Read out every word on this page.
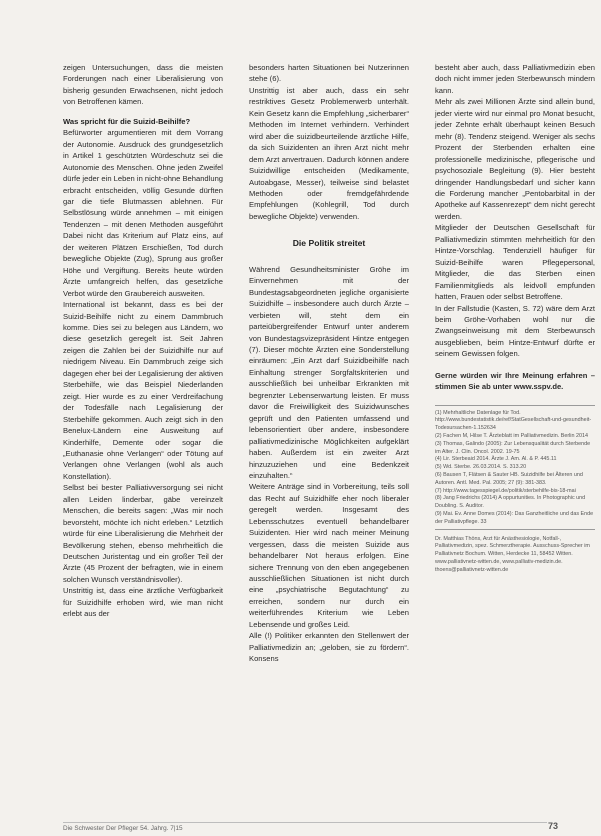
zeigen Untersuchungen, dass die meisten Forderungen nach einer Liberalisierung von bisherig gesunden Erwachsenen, nicht jedoch von Betroffenen kämen.

Was spricht für die Suizid-Beihilfe?

Befürworter argumentieren mit dem Vorrang der Autonomie. Ausdruck des grundgesetzlich in Artikel 1 geschützten Würdeschutz sei die Autonomie des Menschen. Ohne jeden Zweifel dürfe jeder ein Leben in nicht-ohne Behandlung erbracht entscheiden, völlig Gesunde dürften gar die tiefe Blutmassen ablehnen. Für Selbstlösung würde annehmen – mit einigen Tendenzen – mit denen Methoden ausgeführt Dabei nicht das Kriterium auf Platz eins, auf der weiteren Plätzen Erschießen, Tod durch bewegliche Objekte (Zug), Sprung aus großer Höhe und Vergiftung. Bereits heute würden Ärzte umfangreich helfen, das gesetzliche Verbot würde den Graubereich ausweiten.

International ist bekannt, dass es bei der Suizid-Beihilfe nicht zu einem Dammbruch komme. Dies sei zu belegen aus Ländern, wo diese gesetzlich geregelt ist. Seit Jahren zeigen die Zahlen bei der Suizidhilfe nur auf niedrigem Niveau. Ein Dammbruch zeige sich dagegen eher bei der Legalisierung der aktiven Sterbehilfe, wie das Beispiel Niederlanden zeigt. Hier wurde es zu einer Verdreifachung der Todesfälle nach Legalisierung der Sterbehilfe gekommen. Auch zeigt sich in den Benelux-Ländern eine Ausweitung auf Kinderhilfe, Demente oder sogar die „Euthanasie ohne Verlangen“ oder Tötung auf Verlangen ohne Verlangen (wohl als auch Konstellation).

Selbst bei bester Palliativversorgung sei nicht allen Leiden linderbar, gäbe vereinzelt Menschen, die bereits sagen: „Was mir noch bevorsteht, möchte ich nicht erleben.“ Letztlich würde für eine Liberalisierung die Mehrheit der Bevölkerung stehen, ebenso mehrheitlich die Deutschen Juristentag und ein großer Teil der Ärzte (45 Prozent der befragten, wie in einem solchen Wunsch verständnisvoller).

Unstrittig ist, dass eine ärztliche Verfügbarkeit für Suizidhilfe erhoben wird, wie man nicht erlebt aus der

besonders harten Situationen bei Nutzerinnen stehe (6).

Unstrittig ist aber auch, dass ein sehr restriktives Gesetz Problemerwerb unterhält. Kein Gesetz kann die Empfehlung „sicherbarer“ Methoden im Internet verhindern. Verhindert wird aber die suizidbeurteilende ärztliche Hilfe, da sich Suizidenten an ihren Arzt nicht mehr dem Arzt anvertrauen. Dadurch können andere Suizidwillige entscheiden (Medikamente, Autoabgase, Messer), teilweise sind belastet Methoden oder fremdgefährdende Empfehlungen (Kohlegrill, Tod durch bewegliche Objekte) verwenden.

Die Politik streitet

Während Gesundheitsminister Gröhe im Einvernehmen mit der Bundestagsabgeordneten jegliche organisierte Suizidhilfe – insbesondere auch durch Ärzte – verbieten will, steht dem ein parteiübergreifender Entwurf unter anderem von Bundestagsvizepräsident Hintze entgegen (7). Dieser möchte Ärzten eine Sonderstellung einräumen: „Ein Arzt darf Suizidbeihilfe nach Einhaltung strenger Sorgfaltskriterien und ausschließlich bei unheilbar Erkrankten mit begrenzter Lebenserwartung leisten. Er muss davor die Freiwilligkeit des Suizidwunsches geprüft und den Patienten umfassend und lebensorientiert über andere, insbesondere palliativmedizinische Möglichkeiten aufgeklärt haben. Außerdem ist ein zweiter Arzt hinzuzuziehen und eine Bedenkzeit einzuhalten.“

Weitere Anträge sind in Vorbereitung, teils soll das Recht auf Suizidhilfe eher noch liberaler geregelt werden. Insgesamt des Lebensschutzes eventuell behandelbarer Suizidenten. Hier wird nach meiner Meinung vergessen, dass die meisten Suizide aus behandelbarer Not heraus erfolgen. Eine sichere Trennung von den eben angegebenen ausschließlichen Situationen ist nicht durch eine „psychiatrische Begutachtung“ zu erreichen, sondern nur durch ein weiterführendes Kriterium wie Leben Lebensende und großes Leid.

Alle (!) Politiker erkannten den Stellenwert der Palliativmedizin an; „geloben, sie zu fördern“. Konsens

besteht aber auch, dass Palliativmedizin eben doch nicht immer jeden Sterbewunsch mindern kann.

Mehr als zwei Millionen Ärzte sind allein bund, jeder vierte wird nur einmal pro Monat besucht, jeder Zehnte erhält überhaupt keinen Besuch mehr (8). Tendenz steigend. Weniger als sechs Prozent der Sterbenden erhalten eine professionelle medizinische, pflegerische und psychosoziale Begleitung (9). Hier besteht dringender Handlungsbedarf und sicher kann die Forderung mancher „Pentobarbital in der Apotheke auf Kassenrezept“ dem nicht gerecht werden.

Mitglieder der Deutschen Gesellschaft für Palliativmedizin stimmten mehrheitlich für den Hintze-Vorschlag. Tendenziell häufiger für Suizid-Beihilfe waren Pflegepersonal, Mitglieder, die das Sterben einen Familienmitglieds als leidvoll empfunden hatten, Frauen oder selbst Betroffene.

In der Fallstudie (Kasten, S. 72) wäre dem Arzt beim Gröhe-Vorhaben wohl nur die Zwangseinweisung mit dem Sterbewunsch ausgeblieben, beim Hintze-Entwurf dürfte er seinem Gewissen folgen.

Gerne würden wir Ihre Meinung erfahren – stimmen Sie ab unter www.sspv.de.

(1) Mehrhaltliche Datenlage für Tod. http://www.bundestatistik.de/ref/StatGesellschaft-und-gesundheit-Todesursachen-1.152634
(2) Fachen M, Hilse T. Ärzteblatt im Palliativmedizin. Berlin 2014
(3) Thomas, Galindo (2005): Zur Lebensqualität durch Sterbende im Alter. J. Clin. Oncol. 2002. 19-75
(4) Lir. Sterbeaid 2014. Ärzte J. Am. Al. & P. 445.11
(5) Wd. Sterbe. 26.03.2014. S. 313.20
(6) Bausen T, Flätsen & Sauter HB. Suizidhilfe bei Älteren und Autoren. Antl. Med. Pal. 2005; 27 (9): 381-383.
(7) http://www.tagesspiegel.de/politik/sterbehilfe-bis-18-mai
(8) Jang Friedrichs (2014) A oppurtunities. In Photographic und Doubling. S. Auditor.
(9) Mai. Ev. Anne Domes (2014): Das Ganzheitliche und das Ende der Palliativpflege. 33

Dr. Matthias Thöns, Arzt für Anästhesiologie, Notfall-, Palliativmedizin, spez. Schmerztherapie. Ausschuss-Sprecher im Palliativnetz Bochum. Witten, Herdecke 11, 58452 Witten. www.palliativnetz-witten.de, www.palliativ-medizin.de. thoens@palliativnetz-witten.de

Die Schwester Der Pfleger 54. Jahrg. 7|15	73
